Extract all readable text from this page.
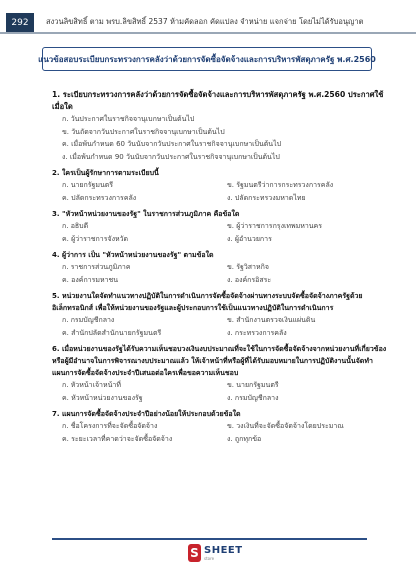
292	สงวนลิขสิทธิ์ ตาม พรบ.ลิขสิทธิ์ 2537 ห้ามคัดลอก คัดแปลง จำหน่าย แจกจ่าย โดยไม่ได้รับอนุญาต
แนวข้อสอบระเบียบกระทรวงการคลังว่าด้วยการจัดซื้อจัดจ้างและการบริหารพัสดุภาครัฐ พ.ศ.2560
1. ระเบียบกระทรวงการคลังว่าด้วยการจัดซื้อจัดจ้างและการบริหารพัสดุภาครัฐ พ.ศ.2560 ประกาศใช้เมื่อใด
ก. วันประกาศในราชกิจจานุเบกษาเป็นต้นไป
ข. วันถัดจากวันประกาศในราชกิจจานุเบกษาเป็นต้นไป
ค. เมื่อพ้นกำหนด 60 วันนับจากวันประกาศในราชกิจจานุเบกษาเป็นต้นไป
ง. เมื่อพ้นกำหนด 90 วันนับจากวันประกาศในราชกิจจานุเบกษาเป็นต้นไป
2. ใครเป็นผู้รักษาการตามระเบียบนี้
ก. นายกรัฐมนตรี	ข. รัฐมนตรีว่าการกระทรวงการคลัง
ค. ปลัดกระทรวงการคลัง	ง. ปลัดกระทรวงมหาดไทย
3. "หัวหน้าหน่วยงานของรัฐ" ในราชการส่วนภูมิภาค คือข้อใด
ก. อธิบดี	ข. ผู้ว่าราชการกรุงเทพมหานคร
ค. ผู้ว่าราชการจังหวัด	ง. ผู้อำนวยการ
4. ผู้ว่าการ เป็น "หัวหน้าหน่วยงานของรัฐ" ตามข้อใด
ก. ราชการส่วนภูมิภาค	ข. รัฐวิสาหกิจ
ค. องค์การมหาชน	ง. องค์กรอิสระ
5. หน่วยงานใดจัดทำแนวทางปฏิบัติในการดำเนินการจัดซื้อจัดจ้างผ่านทางระบบจัดซื้อจัดจ้างภาครัฐด้วยอิเล็กทรอนิกส์ เพื่อให้หน่วยงานของรัฐและผู้ประกอบการใช้เป็นแนวทางปฏิบัติในการดำเนินการ
ก. กรมบัญชีกลาง	ข. สำนักงานตรวจเงินแผ่นดิน
ค. สำนักปลัดสำนักนายกรัฐมนตรี	ง. กระทรวงการคลัง
6. เมื่อหน่วยงานของรัฐได้รับความเห็นชอบวงเงินงบประมาณที่จะใช้ในการจัดซื้อจัดจ้างจากหน่วยงานที่เกี่ยวข้องหรือผู้มีอำนาจในการพิจารณางบประมาณแล้ว ให้เจ้าหน้าที่หรือผู้ที่ได้รับมอบหมายในการปฏิบัติงานนั้นจัดทำแผนการจัดซื้อจัดจ้างประจำปีเสนอต่อใครเพื่อขอความเห็นชอบ
ก. หัวหน้าเจ้าหน้าที่	ข. นายกรัฐมนตรี
ค. หัวหน้าหน่วยงานของรัฐ	ง. กรมบัญชีกลาง
7. แผนการจัดซื้อจัดจ้างประจำปีอย่างน้อยให้ประกอบด้วยข้อใด
ก. ชื่อโครงการที่จะจัดซื้อจัดจ้าง	ข. วงเงินที่จะจัดซื้อจัดจ้างโดยประมาณ
ค. ระยะเวลาที่คาดว่าจะจัดซื้อจัดจ้าง	ง. ถูกทุกข้อ
S SHEET
store
